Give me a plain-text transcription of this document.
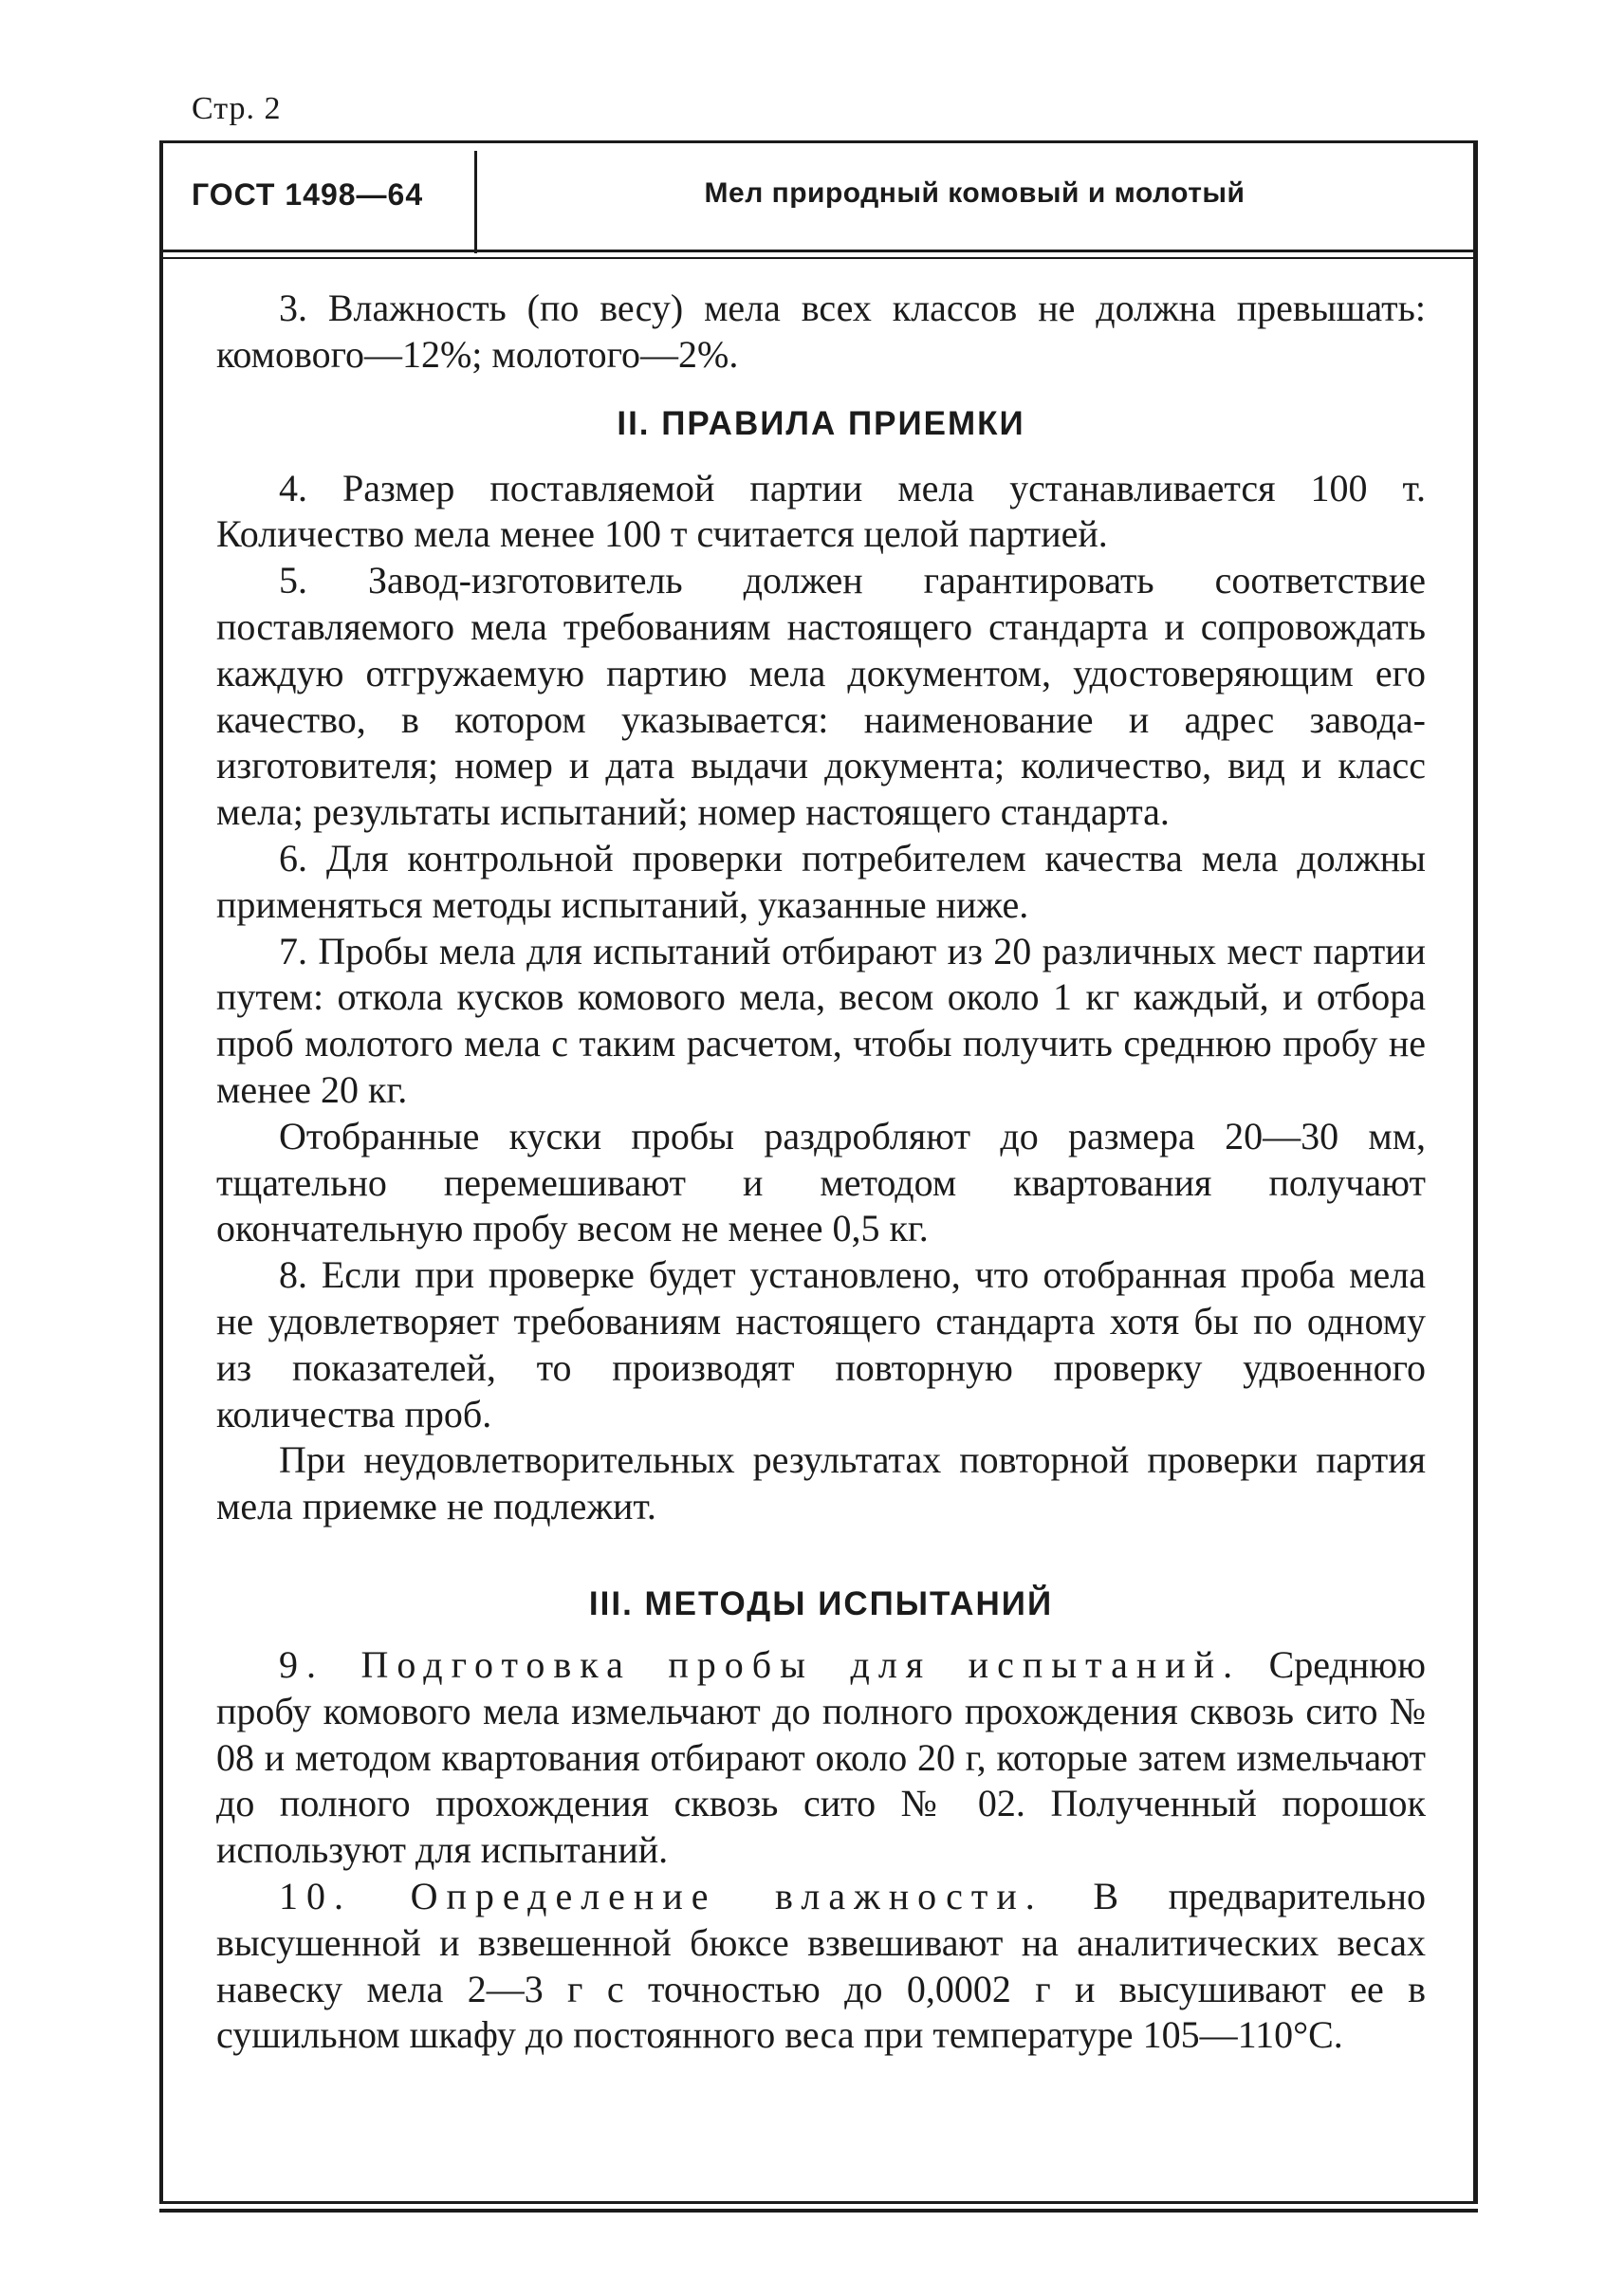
Стр. 2
ГОСТ 1498—64	Мел природный комовый и молотый

3. Влажность (по весу) мела всех классов не должна превышать: комового—12%; молотого—2%.

II. ПРАВИЛА ПРИЕМКИ

4. Размер поставляемой партии мела устанавливается 100 т. Количество мела менее 100 т считается целой партией.

5. Завод-изготовитель должен гарантировать соответствие поставляемого мела требованиям настоящего стандарта и сопровождать каждую отгружаемую партию мела документом, удостоверяющим его качество, в котором указывается: наименование и адрес завода-изготовителя; номер и дата выдачи документа; количество, вид и класс мела; результаты испытаний; номер настоящего стандарта.

6. Для контрольной проверки потребителем качества мела должны применяться методы испытаний, указанные ниже.

7. Пробы мела для испытаний отбирают из 20 различных мест партии путем: откола кусков комового мела, весом около 1 кг каждый, и отбора проб молотого мела с таким расчетом, чтобы получить среднюю пробу не менее 20 кг.

Отобранные куски пробы раздробляют до размера 20—30 мм, тщательно перемешивают и методом квартования получают окончательную пробу весом не менее 0,5 кг.

8. Если при проверке будет установлено, что отобранная проба мела не удовлетворяет требованиям настоящего стандарта хотя бы по одному из показателей, то производят повторную проверку удвоенного количества проб.

При неудовлетворительных результатах повторной проверки партия мела приемке не подлежит.

III. МЕТОДЫ ИСПЫТАНИЙ

9. Подготовка пробы для испытаний. Среднюю пробу комового мела измельчают до полного прохождения сквозь сито № 08 и методом квартования отбирают около 20 г, которые затем измельчают до полного прохождения сквозь сито № 02. Полученный порошок используют для испытаний.

10. Определение влажности. В предварительно высушенной и взвешенной бюксе взвешивают на аналитических весах навеску мела 2—3 г с точностью до 0,0002 г и высушивают ее в сушильном шкафу до постоянного веса при температуре 105—110°С.
